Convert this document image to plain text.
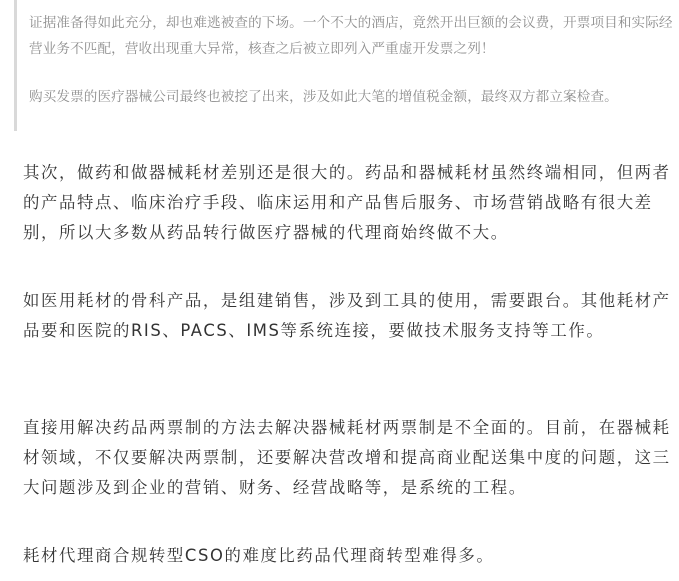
证据准备得如此充分，却也难逃被查的下场。一个不大的酒店，竟然开出巨额的会议费，开票项目和实际经营业务不匹配，营收出现重大异常，核查之后被立即列入严重虚开发票之列！

购买发票的医疗器械公司最终也被挖了出来，涉及如此大笔的增值税金额，最终双方都立案检查。

其次，做药和做器械耗材差别还是很大的。药品和器械耗材虽然终端相同，但两者的产品特点、临床治疗手段、临床运用和产品售后服务、市场营销战略有很大差别，所以大多数从药品转行做医疗器械的代理商始终做不大。

如医用耗材的骨科产品，是组建销售，涉及到工具的使用，需要跟台。其他耗材产品要和医院的RIS、PACS、IMS等系统连接，要做技术服务支持等工作。

直接用解决药品两票制的方法去解决器械耗材两票制是不全面的。目前，在器械耗材领域，不仅要解决两票制，还要解决营改增和提高商业配送集中度的问题，这三大问题涉及到企业的营销、财务、经营战略等，是系统的工程。

耗材代理商合规转型CSO的难度比药品代理商转型难得多。
